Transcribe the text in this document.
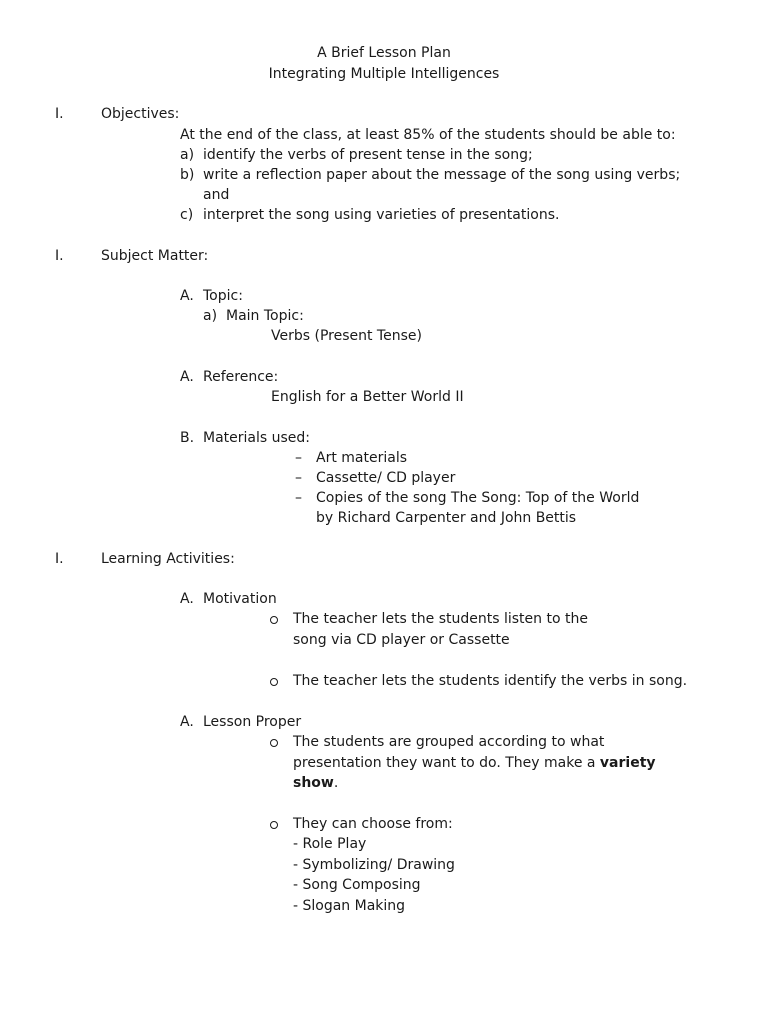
A Brief Lesson Plan
Integrating Multiple Intelligences
I.	Objectives:
At the end of the class, at least 85% of the students should be able to:
a) identify the verbs of present tense in the song;
b) write a reflection paper about the message of the song using verbs;
and
c) interpret the song using varieties of presentations.
I.	Subject Matter:
A. Topic:
a) Main Topic:
Verbs (Present Tense)
A. Reference:
English for a Better World II
B. Materials used:
– Art materials
– Cassette/ CD player
– Copies of the song The Song: Top of the World
by Richard Carpenter and John Bettis
I.	Learning Activities:
A. Motivation
The teacher lets the students listen to the
song via CD player or Cassette
The teacher lets the students identify the verbs in song.
A. Lesson Proper
The students are grouped according to what
presentation they want to do. They make a variety
show.
They can choose from:
- Role Play
- Symbolizing/ Drawing
- Song Composing
- Slogan Making
